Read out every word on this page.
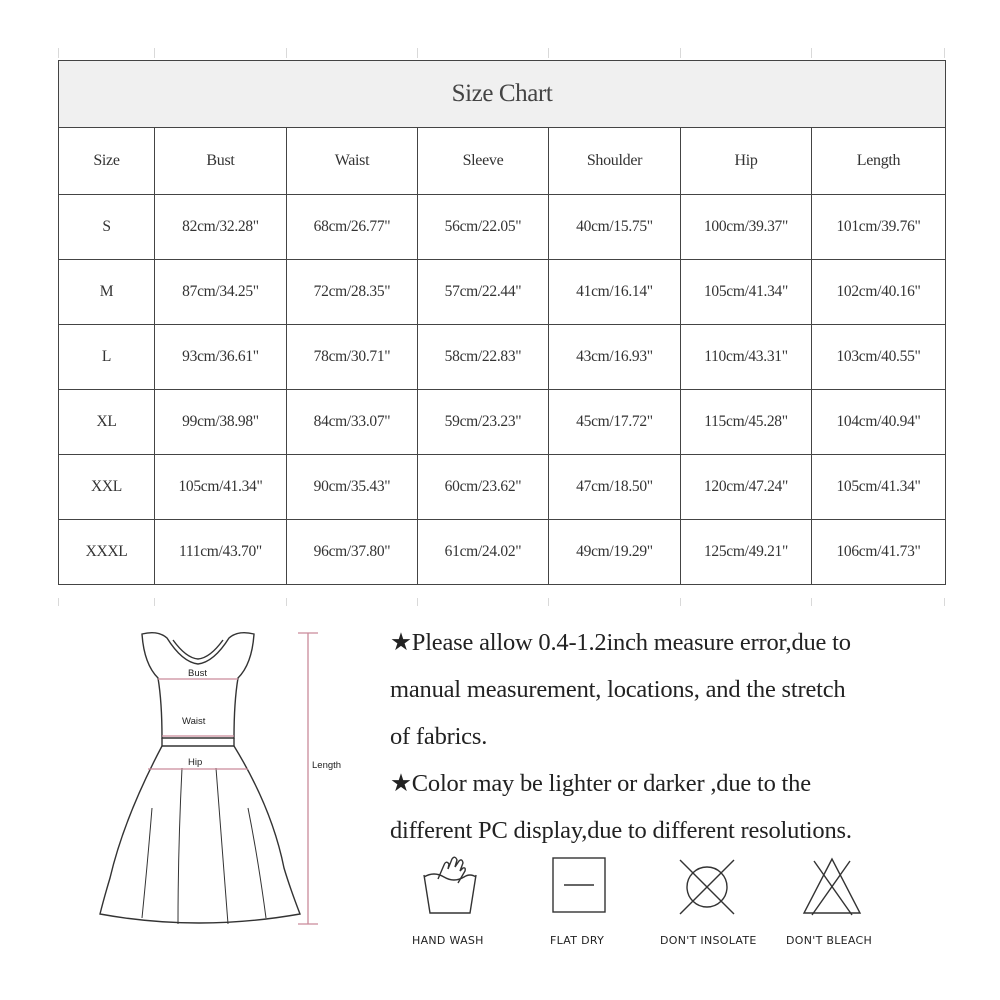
Size Chart						
Size	Bust	Waist	Sleeve	Shoulder	Hip	Length
S	82cm/32.28"	68cm/26.77"	56cm/22.05"	40cm/15.75"	100cm/39.37"	101cm/39.76"
M	87cm/34.25"	72cm/28.35"	57cm/22.44"	41cm/16.14"	105cm/41.34"	102cm/40.16"
L	93cm/36.61"	78cm/30.71"	58cm/22.83"	43cm/16.93"	110cm/43.31"	103cm/40.55"
XL	99cm/38.98"	84cm/33.07"	59cm/23.23"	45cm/17.72"	115cm/45.28"	104cm/40.94"
XXL	105cm/41.34"	90cm/35.43"	60cm/23.62"	47cm/18.50"	120cm/47.24"	105cm/41.34"
XXXL	111cm/43.70"	96cm/37.80"	61cm/24.02"	49cm/19.29"	125cm/49.21"	106cm/41.73"
Bust
Waist
Hip	Length
★Please allow 0.4-1.2inch measure error,due to
manual measurement, locations, and the stretch
of fabrics.
★Color may be lighter or darker ,due to the
different PC display,due to different resolutions.
HAND WASH	FLAT DRY	DON'T INSOLATE	DON'T BLEACH
